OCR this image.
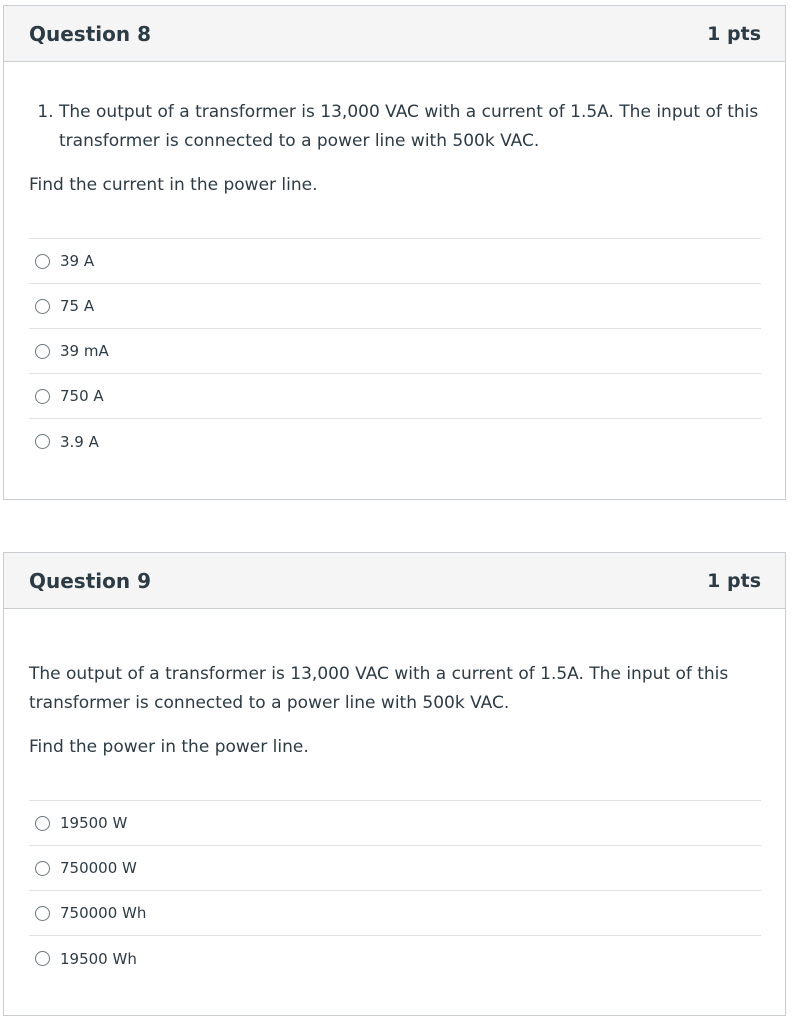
Question 8	1 pts
1. The output of a transformer is 13,000 VAC with a current of 1.5A. The input of this transformer is connected to a power line with 500k VAC.

Find the current in the power line.

39 A
75 A
39 mA
750 A
3.9 A
Question 9	1 pts

The output of a transformer is 13,000 VAC with a current of 1.5A. The input of this transformer is connected to a power line with 500k VAC.

Find the power in the power line.

19500 W
750000 W
750000 Wh
19500 Wh
